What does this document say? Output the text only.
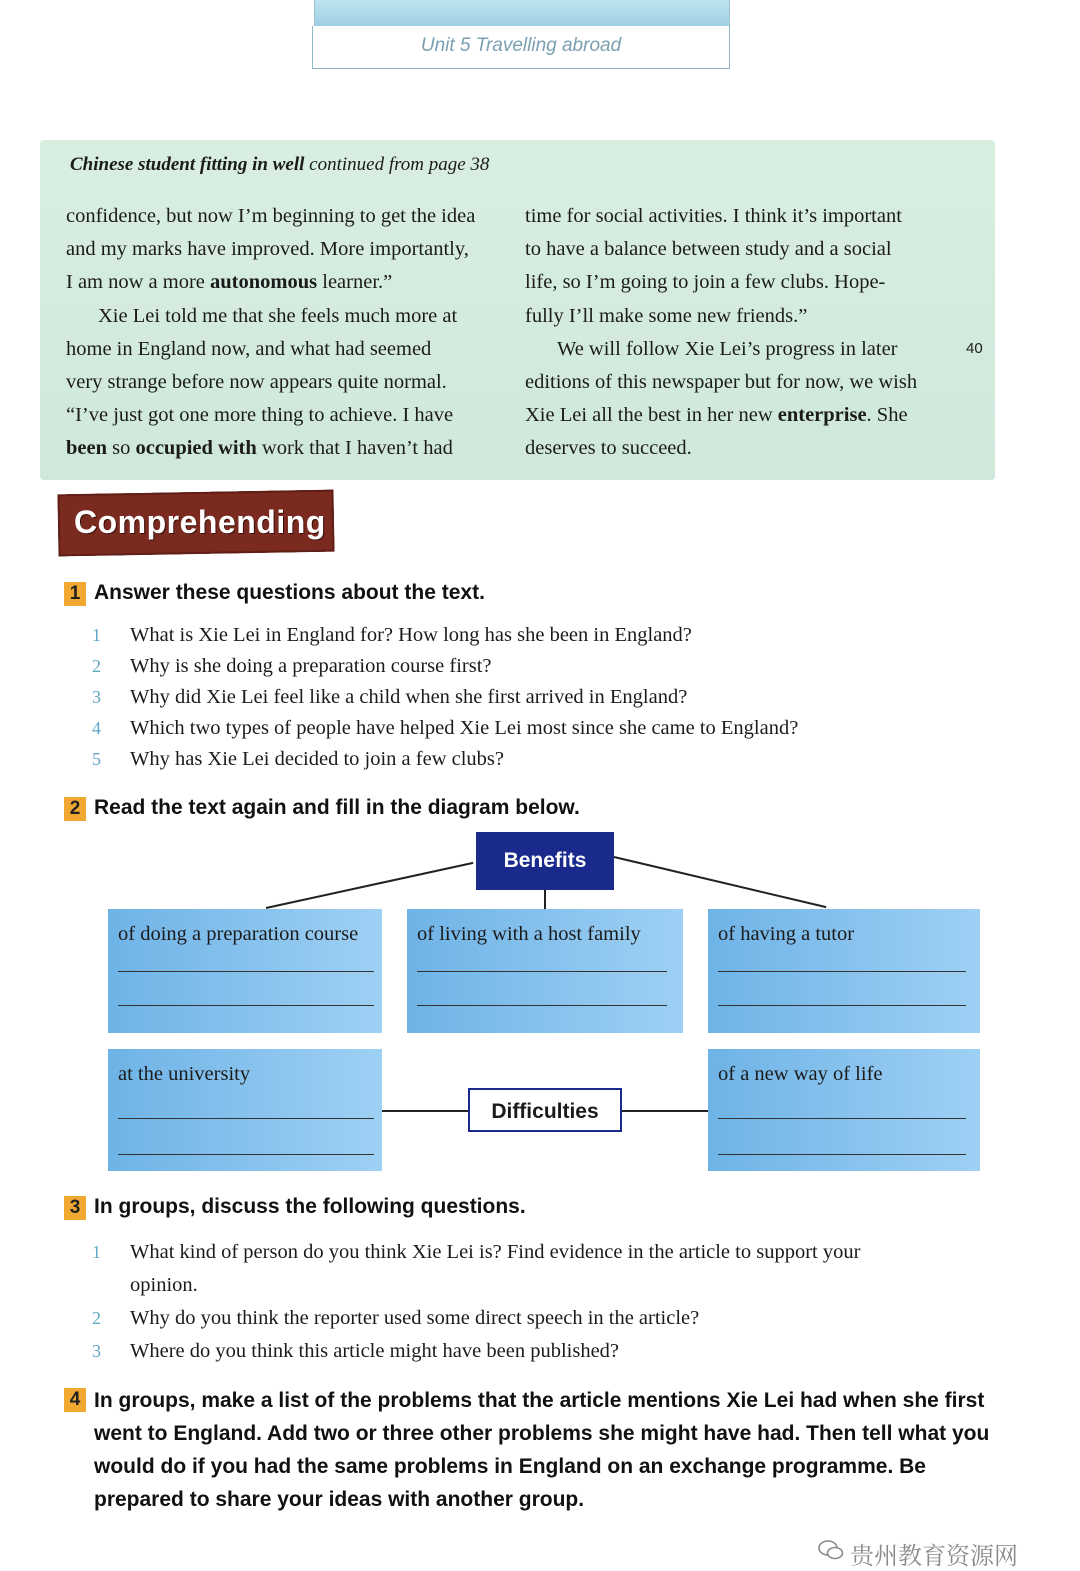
Unit 5 Travelling abroad
Chinese student fitting in well continued from page 38

confidence, but now I’m beginning to get the idea

and my marks have improved. More importantly,

I am now a more autonomous learner.”

Xie Lei told me that she feels much more at

home in England now, and what had seemed

very strange before now appears quite normal.

“I’ve just got one more thing to achieve. I have

been so occupied with work that I haven’t had

time for social activities. I think it’s important

to have a balance between study and a social

life, so I’m going to join a few clubs. Hope-

fully I’ll make some new friends.”

We will follow Xie Lei’s progress in later

editions of this newspaper but for now, we wish

Xie Lei all the best in her new enterprise. She

deserves to succeed.

40
Comprehending
1 Answer these questions about the text.
1 What is Xie Lei in England for? How long has she been in England?
2 Why is she doing a preparation course first?
3 Why did Xie Lei feel like a child when she first arrived in England?
4 Which two types of people have helped Xie Lei most since she came to England?
5 Why has Xie Lei decided to join a few clubs?
2 Read the text again and fill in the diagram below.
Benefits
of doing a preparation course	of living with a host family	of having a tutor
at the university	of a new way of life
Difficulties
3 In groups, discuss the following questions.
1 What kind of person do you think Xie Lei is? Find evidence in the article to support your
opinion.
2 Why do you think the reporter used some direct speech in the article?
3 Where do you think this article might have been published?
4 In groups, make a list of the problems that the article mentions Xie Lei had when she first went to England. Add two or three other problems she might have had. Then tell what you would do if you had the same problems in England on an exchange programme. Be prepared to share your ideas with another group.
贵州教育资源网
